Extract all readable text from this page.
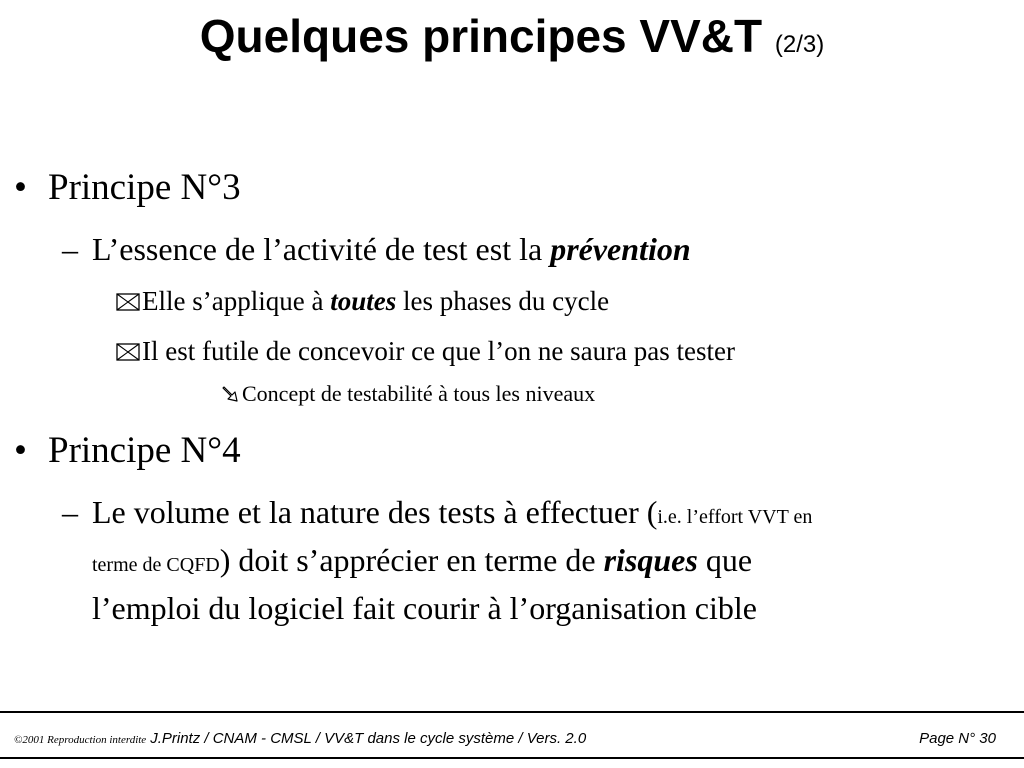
Quelques principes VV&T (2/3)
• Principe N°3
– L’essence de l’activité de test est la prévention
Elle s’applique à toutes les phases du cycle
Il est futile de concevoir ce que l’on ne saura pas tester
Concept de testabilité à tous les niveaux
• Principe N°4
– Le volume et la nature des tests à effectuer (i.e. l’effort VVT en
terme de CQFD) doit s’apprécier en terme de risques que
l’emploi du logiciel fait courir à l’organisation cible
©2001 Reproduction interdite J.Printz / CNAM - CMSL / VV&T dans le cycle système / Vers. 2.0	Page N° 30
